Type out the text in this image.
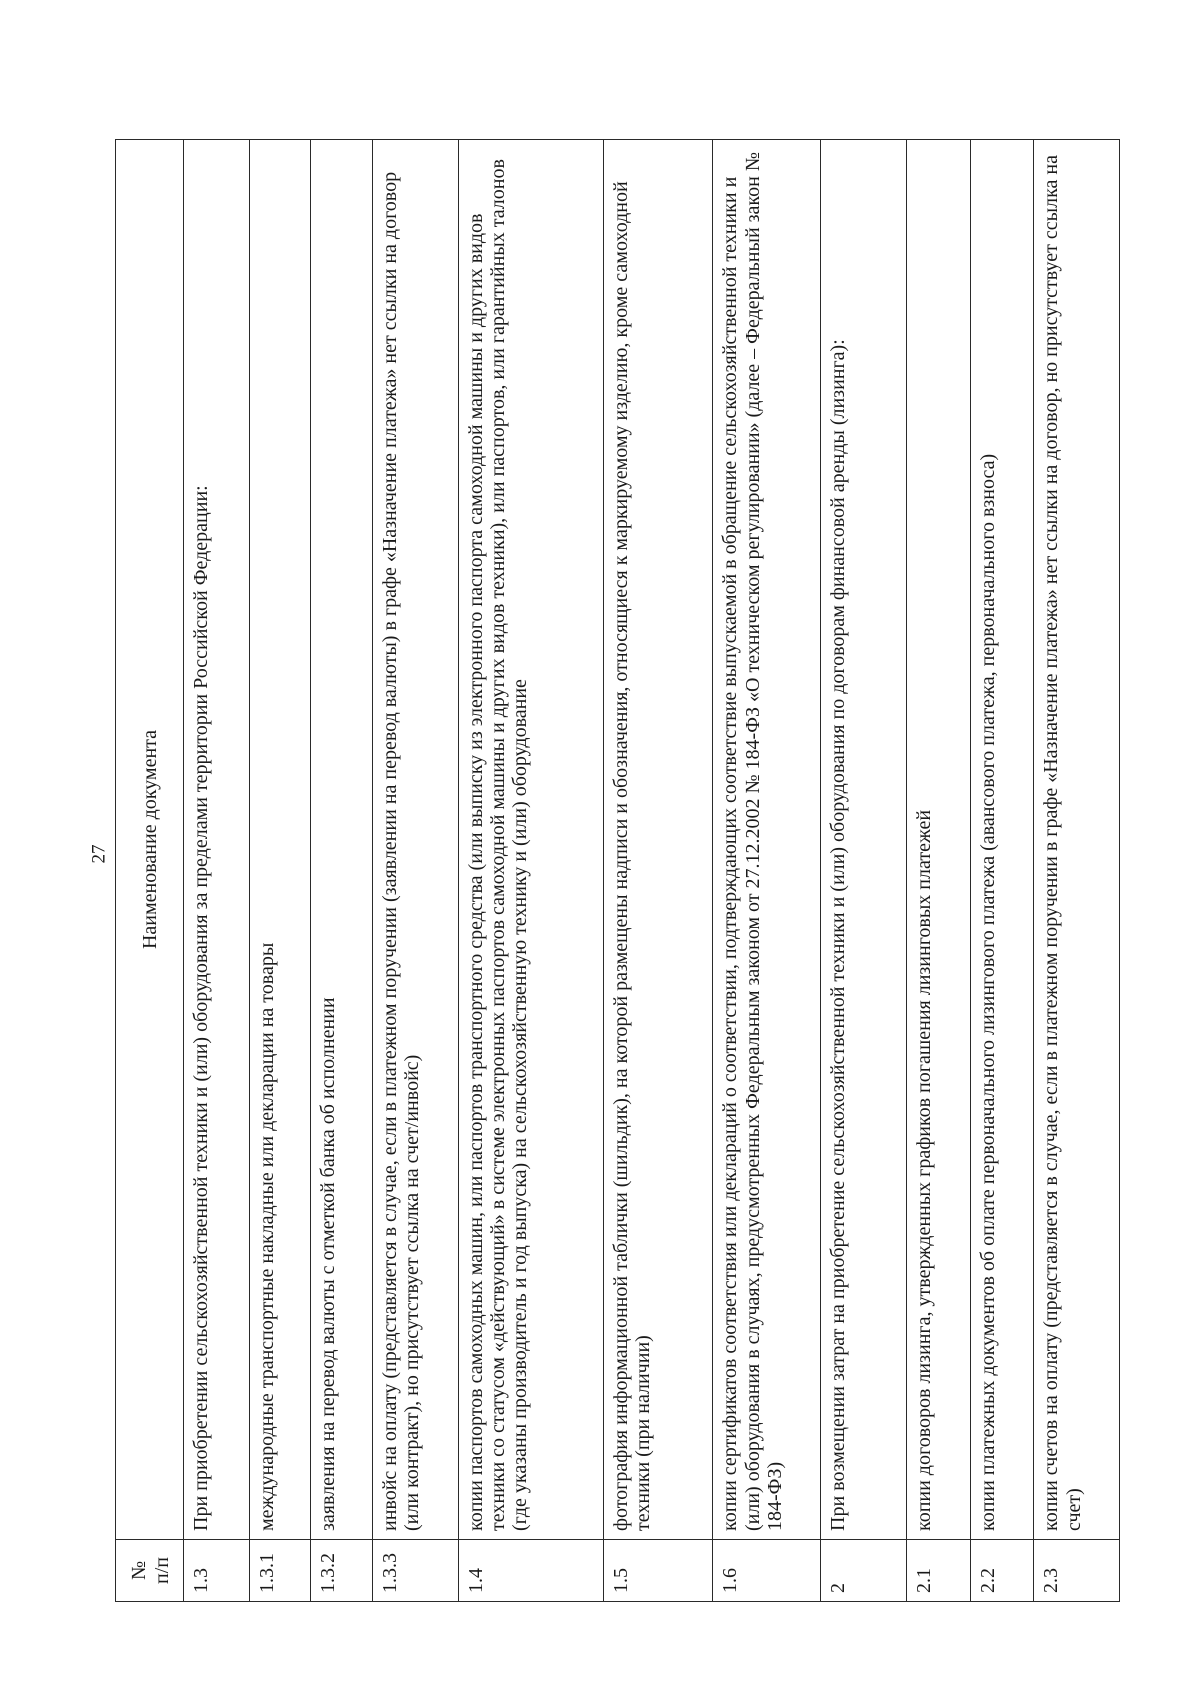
27
№ п/п	Наименование документа
1.3	При приобретении сельскохозяйственной техники и (или) оборудования за пределами территории Российской Федерации:
1.3.1	международные транспортные накладные или декларации на товары
1.3.2	заявления на перевод валюты с отметкой банка об исполнении
1.3.3	инвойс на оплату (представляется в случае, если в платежном поручении (заявлении на перевод валюты) в графе «Назначение платежа» нет ссылки на договор (или контракт), но присутствует ссылка на счет/инвойс)
1.4	копии паспортов самоходных машин, или паспортов транспортного средства (или выписку из электронного паспорта самоходной машины и других видов техники со статусом «действующий» в системе электронных паспортов самоходной машины и других видов техники), или паспортов, или гарантийных талонов (где указаны производитель и год выпуска) на сельскохозяйственную технику и (или) оборудование
1.5	фотография информационной таблички (шильдик), на которой размещены надписи и обозначения, относящиеся к маркируемому изделию, кроме самоходной техники (при наличии)
1.6	копии сертификатов соответствия или деклараций о соответствии, подтверждающих соответствие выпускаемой в обращение сельскохозяйственной техники и (или) оборудования в случаях, предусмотренных Федеральным законом от 27.12.2002 № 184-ФЗ «О техническом регулировании» (далее – Федеральный закон № 184-ФЗ)
2	При возмещении затрат на приобретение сельскохозяйственной техники и (или) оборудования по договорам финансовой аренды (лизинга):
2.1	копии договоров лизинга, утвержденных графиков погашения лизинговых платежей
2.2	копии платежных документов об оплате первоначального лизингового платежа (авансового платежа, первоначального взноса)
2.3	копии счетов на оплату (представляется в случае, если в платежном поручении в графе «Назначение платежа» нет ссылки на договор, но присутствует ссылка на счет)
